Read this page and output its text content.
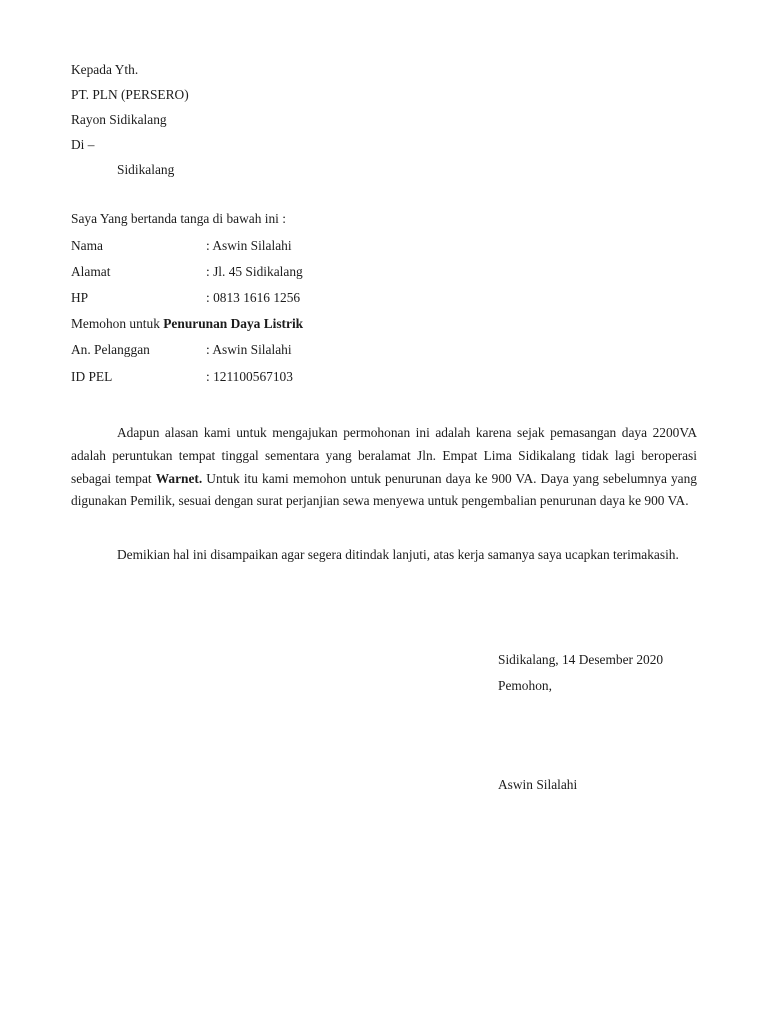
Kepada Yth.
PT. PLN (PERSERO)
Rayon Sidikalang
Di –
Sidikalang
Saya Yang bertanda tanga di bawah ini :
Nama	: Aswin Silalahi
Alamat	: Jl. 45 Sidikalang
HP	: 0813 1616 1256
Memohon untuk Penurunan Daya Listrik
An. Pelanggan	: Aswin Silalahi
ID PEL	: 121100567103

Adapun alasan kami untuk mengajukan permohonan ini adalah karena sejak pemasangan daya 2200VA adalah peruntukan tempat tinggal sementara yang beralamat Jln. Empat Lima Sidikalang tidak lagi beroperasi sebagai tempat Warnet. Untuk itu kami memohon untuk penurunan daya ke 900 VA. Daya yang sebelumnya yang digunakan Pemilik, sesuai dengan surat perjanjian sewa menyewa untuk pengembalian penurunan daya ke 900 VA.

Demikian hal ini disampaikan agar segera ditindak lanjuti, atas kerja samanya saya ucapkan terimakasih.

Sidikalang, 14 Desember 2020
Pemohon,
Aswin Silalahi
